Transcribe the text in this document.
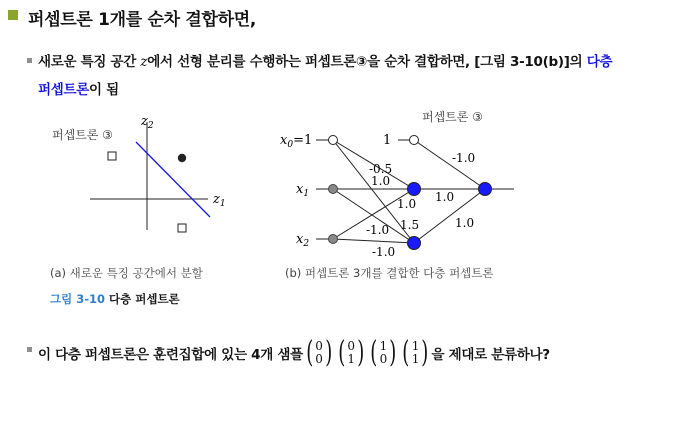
퍼셉트론 1개를 순차 결합하면,
새로운 특징 공간 z에서 선형 분리를 수행하는 퍼셉트론③을 순차 결합하면, [그림 3-10(b)]의 다층
퍼셉트론이 됨
퍼셉트론 ③
$z_2$
$z_1$
(a) 새로운 특징 공간에서 분할
퍼셉트론 ③
$x_0=1$
$x_1$
$x_2$
1
-1.0
-0.5
1.0
1.0
1.0
1.5
-1.0
-1.0
1.0
(b) 퍼셉트론 3개를 결합한 다층 퍼셉트론
그림 3-10 다층 퍼셉트론
이 다층 퍼셉트론은 훈련집합에 있는 4개 샘플 ( 0
0 ) ( 0
1 ) ( 1
0 ) ( 1
1 ) 을 제대로 분류하나?
